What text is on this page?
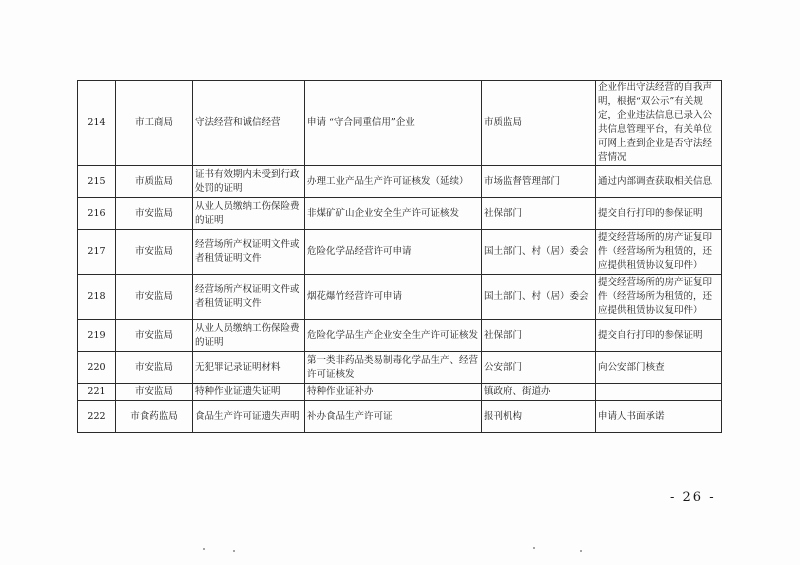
214	市工商局	守法经营和诚信经营	申请 “守合同重信用”企业	市质监局	企业作出守法经营的自我声明，根据“双公示”有关规定，企业违法信息已录入公共信息管理平台，有关单位可网上查到企业是否守法经营情况
215	市质监局	证书有效期内未受到行政处罚的证明	办理工业产品生产许可证核发（延续）	市场监督管理部门	通过内部调查获取相关信息
216	市安监局	从业人员缴纳工伤保险费的证明	非煤矿矿山企业安全生产许可证核发	社保部门	提交自行打印的参保证明
217	市安监局	经营场所产权证明文件或者租赁证明文件	危险化学品经营许可申请	国土部门、村（居）委会	提交经营场所的房产证复印件（经营场所为租赁的，还应提供租赁协议复印件）
218	市安监局	经营场所产权证明文件或者租赁证明文件	烟花爆竹经营许可申请	国土部门、村（居）委会	提交经营场所的房产证复印件（经营场所为租赁的，还应提供租赁协议复印件）
219	市安监局	从业人员缴纳工伤保险费的证明	危险化学品生产企业安全生产许可证核发	社保部门	提交自行打印的参保证明
220	市安监局	无犯罪记录证明材料	第一类非药品类易制毒化学品生产、经营许可证核发	公安部门	向公安部门核查
221	市安监局	特种作业证遗失证明	特种作业证补办	镇政府、街道办	
222	市食药监局	食品生产许可证遗失声明	补办食品生产许可证	报刊机构	申请人书面承诺
- 26 -
